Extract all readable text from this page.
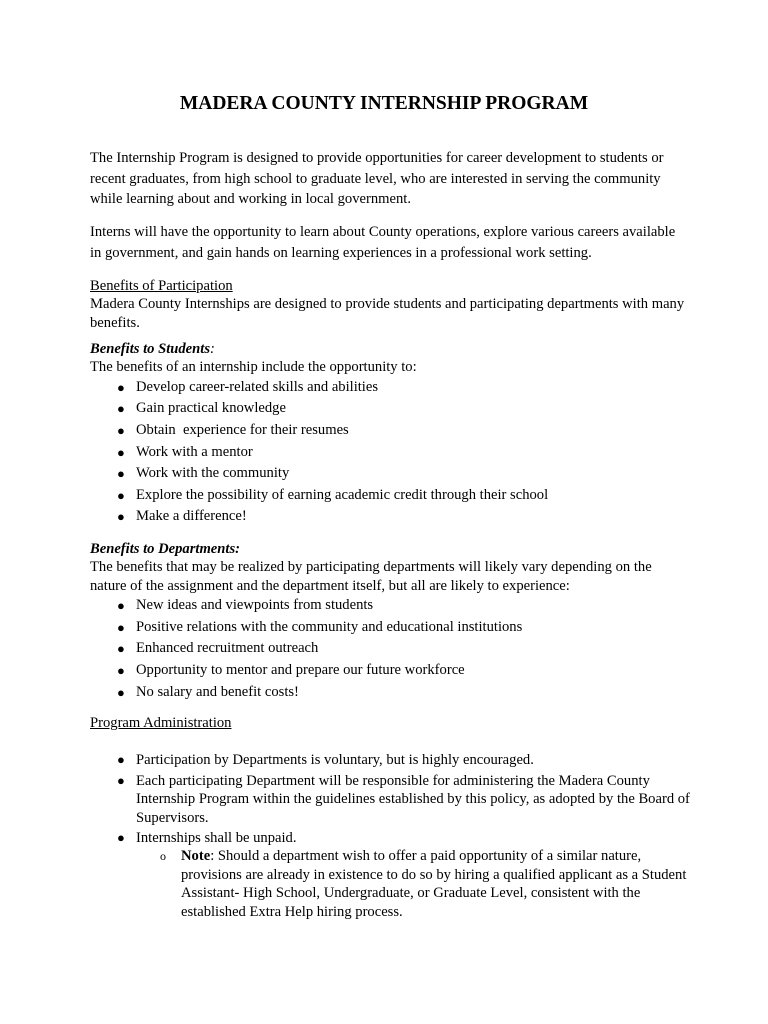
MADERA COUNTY INTERNSHIP PROGRAM

The Internship Program is designed to provide opportunities for career development to students or recent graduates, from high school to graduate level, who are interested in serving the community while learning about and working in local government.

Interns will have the opportunity to learn about County operations, explore various careers available in government, and gain hands on learning experiences in a professional work setting.

Benefits of Participation
Madera County Internships are designed to provide students and participating departments with many benefits.
Benefits to Students:
The benefits of an internship include the opportunity to:
● Develop career-related skills and abilities
● Gain practical knowledge
● Obtain  experience for their resumes
● Work with a mentor
● Work with the community
● Explore the possibility of earning academic credit through their school
● Make a difference!
Benefits to Departments:
The benefits that may be realized by participating departments will likely vary depending on the nature of the assignment and the department itself, but all are likely to experience:
● New ideas and viewpoints from students
● Positive relations with the community and educational institutions
● Enhanced recruitment outreach
● Opportunity to mentor and prepare our future workforce
● No salary and benefit costs!
Program Administration
● Participation by Departments is voluntary, but is highly encouraged.
● Each participating Department will be responsible for administering the Madera County Internship Program within the guidelines established by this policy, as adopted by the Board of Supervisors.
● Internships shall be unpaid.
o Note: Should a department wish to offer a paid opportunity of a similar nature, provisions are already in existence to do so by hiring a qualified applicant as a Student Assistant- High School, Undergraduate, or Graduate Level, consistent with the established Extra Help hiring process.
